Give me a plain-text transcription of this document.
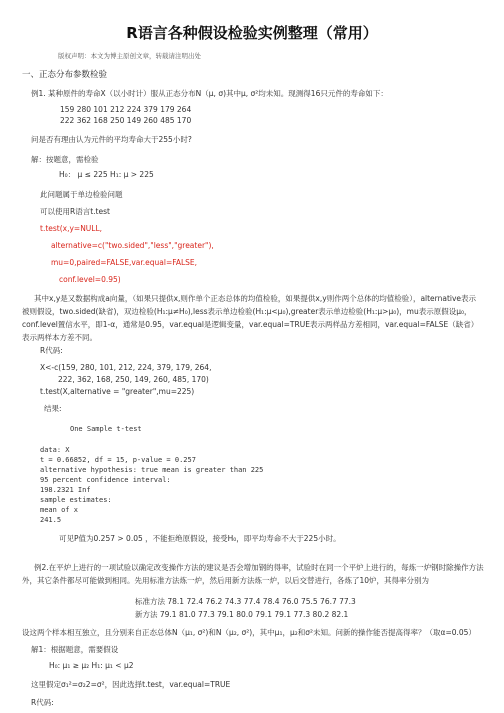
R语言各种假设检验实例整理（常用）
版权声明：本文为博主原创文章，转载请注明出处
一、正态分布参数检验
例1. 某种原件的寿命X（以小时计）服从正态分布N（μ, σ)其中μ, σ²均未知。现测得16只元件的寿命如下：
159 280 101 212 224 379 179 264
222 362 168 250 149 260 485 170
问是否有理由认为元件的平均寿命大于255小时?
解：按题意，需检验
H₀： μ ≤ 225 H₁: μ > 225
此问题属于单边检验问题
可以使用R语言t.test
t.test(x,y=NULL,
alternative=c("two.sided","less","greater"),
mu=0,paired=FALSE,var.equal=FALSE,
conf.level=0.95)
其中x,y是又数据构成a向量，（如果只提供x,则作单个正态总体的均值检验，如果提供x,y则作两个总体的均值检验），alternative表示被则假设，two.sided(缺省)，双边检验(H₁:μ≠H₀),less表示单边检验(H₁:μ<μ₀),greater表示单边检验(H₁:μ>μ₀)，mu表示原假设μ₀，conf.level置信水平，即1-α，通常是0.95，var.equal是逻辑变量，var.equal=TRUE表示两样品方差相同，var.equal=FALSE（缺省）表示两样本方差不同。
R代码:
X<-c(159, 280, 101, 212, 224, 379, 179, 264,
222, 362, 168, 250, 149, 260, 485, 170)
t.test(X,alternative = "greater",mu=225)
结果:
One Sample t-test
data: X
t = 0.66852, df = 15, p-value = 0.257
alternative hypothesis: true mean is greater than 225
95 percent confidence interval:
198.2321 Inf
sample estimates:
mean of x
241.5
可见P值为0.257 > 0.05 ，不能拒绝原假设，接受H₀，即平均寿命不大于225小时。
例2.在平炉上进行的一项试验以确定改变操作方法的建议是否会增加钢的得率，试验时在同一个平炉上进行的，每炼一炉钢时除操作方法外，其它条件都尽可能做到相同。先用标准方法炼一炉，然后用新方法炼一炉，以后交替进行，各炼了10炉，其得率分别为
标准方法 78.1 72.4 76.2 74.3 77.4 78.4 76.0 75.5 76.7 77.3
新方法 79.1 81.0 77.3 79.1 80.0 79.1 79.1 77.3 80.2 82.1
设这两个样本相互独立，且分别来自正态总体N（μ₁, σ²)和N（μ₂, σ²)，其中μ₁，μ₂和σ²未知。问新的操作能否提高得率？（取α=0.05）
解1：根据题意，需要假设
H₀: μ₁ ≥ μ₂ H₁: μ₁ < μ2
这里假定σ₁²=σ₂2=σ²，因此选择t.test，var.equal=TRUE
R代码:
